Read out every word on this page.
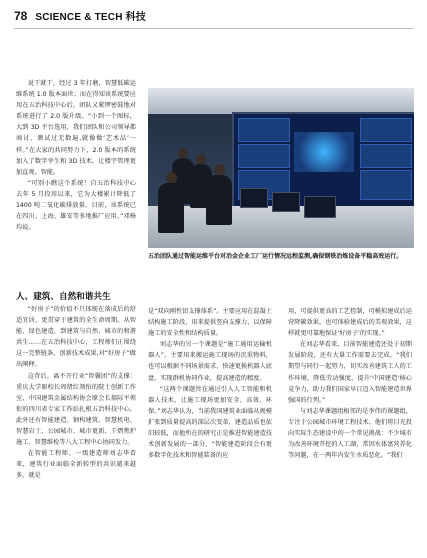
78 SCIENCE & TECH 科技

说干就干，经过 3 年打磨，智慧低碳运维系统 1.0 版本面世；而在得知该系统要应用在五治科技中心后，团队又紧锣密鼓地对系统进行了 2.0 版升级。“小到一个图标，大到 3D 平台选用，我们团队和公司领导都商讨、测试过无数遍,就像做‘艺术品’一样。”在大家的共同努力下，2.0 版本的系统加入了数字孪生和 3D 技术，让楼宇管理更加直观、智能。

“可别小瞧这个系统！自五治科技中心去年 5 月投用以来，它为大楼累计降低了 1400 吨二氧化碳排放量。目前，该系统已在四川、上海、雄安等多地推广应用。”邓杨均说。

五治团队通过智能运维平台对冶金企业工厂运行情况远程监测,确保钢铁冶炼设备平稳高效运行。
人、建筑、自然和谐共生

“好房子”的价值不只体现在落成后的舒适宜居，更贯穿于建筑的全生命周期。从智能、绿色建造，到建筑与自然、城市的和谐共生……在五冶科技中心，工程师们正围绕这一完整链条，创新技术成果,对“好房子”做出阐释。

这背后，离不开行业“智囊团”的支撑：重庆大学原校长周绪红领衔的院士创新工作室、中国建筑金属结构协会原会长郝际平领衔的四川省专家工作站扎根五冶科技中心，此外还有智能建造、钢构建筑、智慧机电、智慧岩土、公园城市、城市更新、干熠焦炉施工、智慧维检等八大工程中心协同发力。

在智能工程师、一级建造师刘志华看来，建筑行业面临全新转型的共识越来越多，就是

是“双向刚性铝支撑体系”。主要应用在混凝土结构施工阶段，用来提供竖向支撑力，以保障施工的安全性和结构质量。

刘志华的另一个课题是“施工通用运输机器人”。主要用来搬运施工现场的沉重物料，也可以根据不同场景需求，快速更换机器人底盘，实现群机协同作业，提高建造的精度。

“这两个课题旨在通过引入人工智能和机器人技术，让施工现场更加安全、高效、环保。”刘志华认为，当前我国建筑业面临从规模扩张到质量提高的深层次变革，建造品质也依旧较低，而他所在的研究正是推进智能建造技术创新发展的一部分，“智能建造阶段会有更多数字化技术和智能装备的应

用，可提供更高的工艺控制，可模拟建成后运营降碳效果，也可体验建成后的美观效果，这样就更可靠地保证‘好房子’的实现。”

在刘志华看来，目前智能建造还处于初期发展阶段，还有大量工作需要去完成。“我们期望与同行一起努力，切实改善建筑工人的工作环境、降低劳动强度，提升‘中国建造’核心竞争力，助力我们国家早日迈入智能建造世界强国的行列。”

与刘志华课题组相邻的是李伟的课题组，专注于公园城市环境工程技术。他们将目光投向实际生态建设中的一个常见挑战：不少城市为改善环境开挖的人工湖，常因水体富营养化等问题，在一两年内发生水质恶化。“我们
